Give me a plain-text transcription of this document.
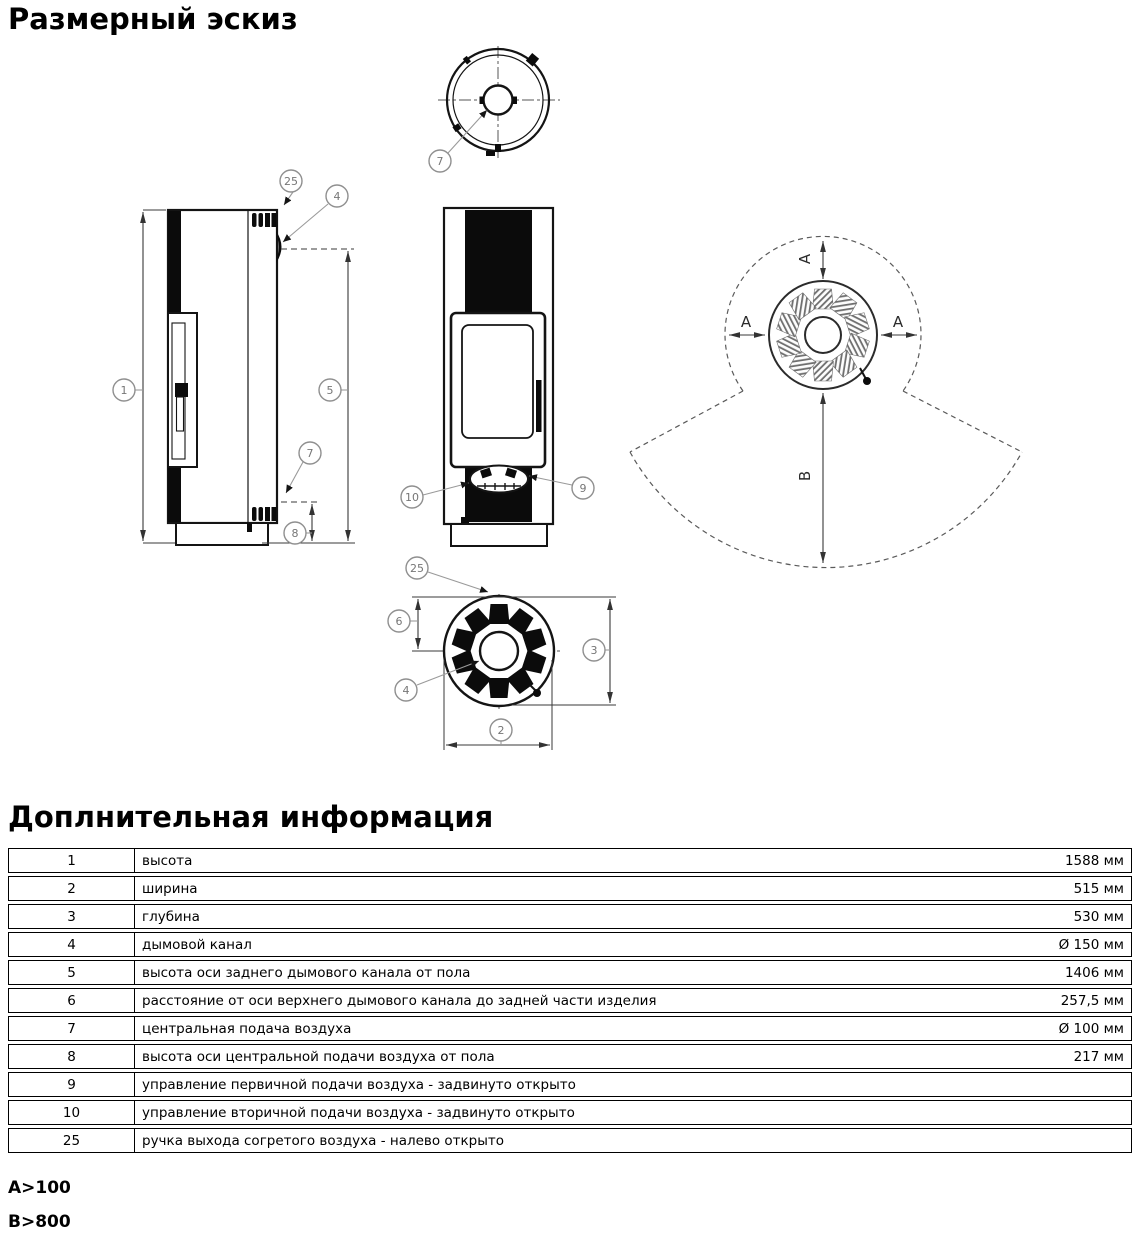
Размерный эскиз
7
25
4
1	5
7
8
10
9
A
A	A
B
25
6
4
3
2
Доплнительная информация
1	высота 1588 мм

2	ширина 515 мм

3	глубина 530 мм

4	дымовой канал Ø 150 мм

5	высота оси заднего дымового канала от пола 1406 мм

6	расстояние от оси верхнего дымового канала до задней части изделия 257,5 мм

7	центральная подача воздуха Ø 100 мм

8	высота оси центральной подачи воздуха от пола 217 мм

9	управление первичной подачи воздуха - задвинуто открыто

10	управление вторичной подачи воздуха - задвинуто открыто

25	ручка выхода согретого воздуха - налево открыто
A>100
B>800
